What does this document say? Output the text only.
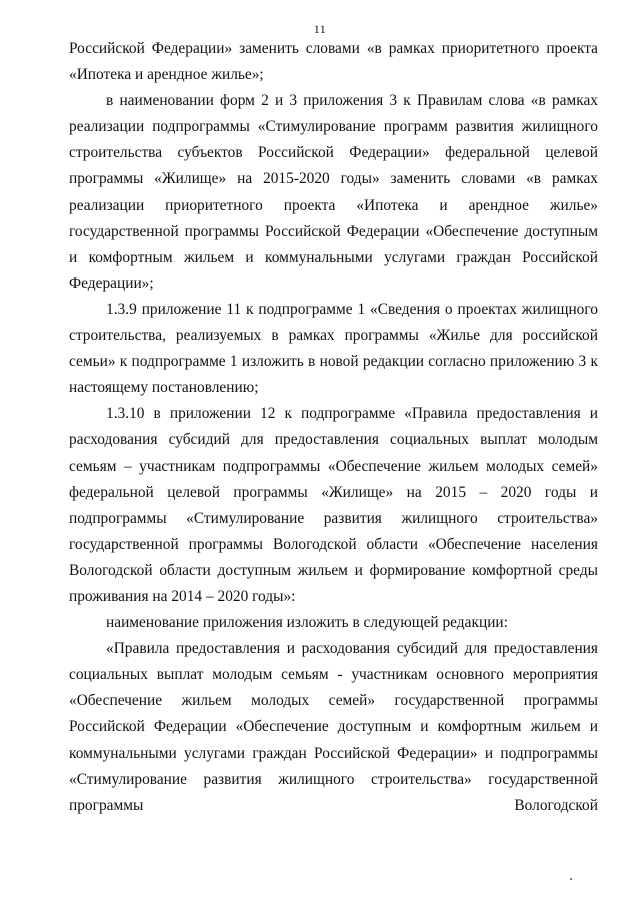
11

Российской Федерации» заменить словами «в рамках приоритетного проекта «Ипотека и арендное жилье»;

в наименовании форм 2 и 3 приложения 3 к Правилам слова «в рамках реализации подпрограммы «Стимулирование программ развития жилищного строительства субъектов Российской Федерации» федеральной целевой программы «Жилище» на 2015-2020 годы» заменить словами «в рамках реализации приоритетного проекта «Ипотека и арендное жилье» государственной программы Российской Федерации «Обеспечение доступным и комфортным жильем и коммунальными услугами граждан Российской Федерации»;

1.3.9 приложение 11 к подпрограмме 1 «Сведения о проектах жилищного строительства, реализуемых в рамках программы «Жилье для российской семьи» к подпрограмме 1 изложить в новой редакции согласно приложению 3 к настоящему постановлению;

1.3.10 в приложении 12 к подпрограмме «Правила предоставления и расходования субсидий для предоставления социальных выплат молодым семьям – участникам подпрограммы «Обеспечение жильем молодых семей» федеральной целевой программы «Жилище» на 2015 – 2020 годы и подпрограммы «Стимулирование развития жилищного строительства» государственной программы Вологодской области «Обеспечение населения Вологодской области доступным жильем и формирование комфортной среды проживания на 2014 – 2020 годы»:

наименование приложения изложить в следующей редакции:

«Правила предоставления и расходования субсидий для предоставления социальных выплат молодым семьям - участникам основного мероприятия «Обеспечение жильем молодых семей» государственной программы Российской Федерации «Обеспечение доступным и комфортным жильем и коммунальными услугами граждан Российской Федерации» и подпрограммы «Стимулирование развития жилищного строительства» государственной программы Вологодской
